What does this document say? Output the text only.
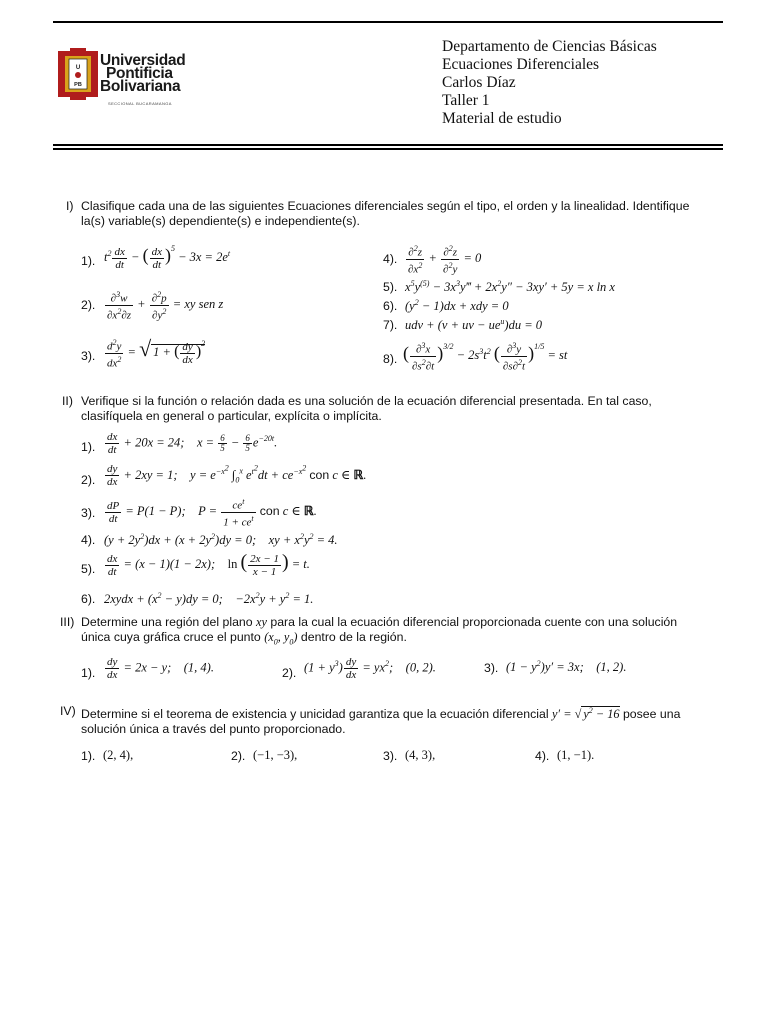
U
PB
Universidad
Pontificia
Bolivariana
SECCIONAL BUCARAMANGA
Departamento de Ciencias Básicas
Ecuaciones Diferenciales
Carlos Díaz
Taller 1
Material de estudio
I) Clasifique cada una de las siguientes Ecuaciones diferenciales según el tipo, el orden y la linealidad. Identifique la(s) variable(s) dependiente(s) e independiente(s).
1). $t^2 \frac{dx}{dt}$ − ( $\frac{dx}{dt} )^5 - 3x = 2e^t$
2). $\frac{\partial^3w}{\partial x^2\partial z} + \frac{\partial^2p}{\partial y^2}$ = xy sen z
3). $\frac{d^2y}{dx^2}$ = √ 1 + ( $\frac{dy}{dx} )^2$
4). $\frac{\partial^2z}{\partial x^2} + \frac{\partial^2z}{\partial^2y} = 0$
5). $x^5y^{(5)}$ − $3x^3y‴ + 2x^2y'' - 3xy' + 5y = x$ ln x
6). $(y^2 - 1)dx$ + xdy = 0
7). udv + (v + uv − $ue^u)du = 0$
8). ( $\frac{\partial^3x}{\partial s^2\partial t} )^{3/2} - 2s^3t^2$ ( $\frac{\partial^3y}{\partial s\partial^2t} )^{1/5}$ = st
II) Verifique si la función o relación dada es una solución de la ecuación diferencial presentada. En tal caso, clasifíquela en general o particular, explícita o implícita.
1). $\frac{dx}{dt} + 20x = 24$;    $x = \frac{6}{5} - \frac{6}{5} e^{-20t}$.
2). $\frac{dy}{dx} + 2xy = 1$;    $y = e^{-x^2}$ $\int_0^x$ $e^{t^2}dt + ce^{-x^2}$ con c ∈ ℝ.
3). $\frac{dP}{dt} = P(1 - P)$;    $P = \frac{ce^t}{1 + ce^t}$ con c ∈ ℝ.
4). $(y + 2y^2)dx + (x + 2y^2)dy = 0$;    xy + $x^2y^2 = 4$.
5). $\frac{dx}{dt} = (x - 1)(1 - 2x)$;    ln ( $\frac{2x - 1}{x - 1}$ ) = t.
6). 2xydx + $(x^2 - y)dy = 0$;    $-2x^2y + y^2 = 1$.
III) Determine una región del plano xy para la cual la ecuación diferencial proporcionada cuente con una solución única cuya gráfica cruce el punto ($x_0$, $y_0$) dentro de la región.
1). $\frac{dy}{dx} = 2x - y$;    (1, 4).	2). $(1 + y^3) \frac{dy}{dx} = yx^2$;    (0, 2).	3). $(1 - y^2)y' = 3x$;    (1, 2).
IV) Determine si el teorema de existencia y unicidad garantiza que la ecuación diferencial y′ = √ $y^2 - 16$ posee una solución única a través del punto proporcionado.
1). (2, 4),	2). (−1, −3),	3). (4, 3),	4). (1, −1).
